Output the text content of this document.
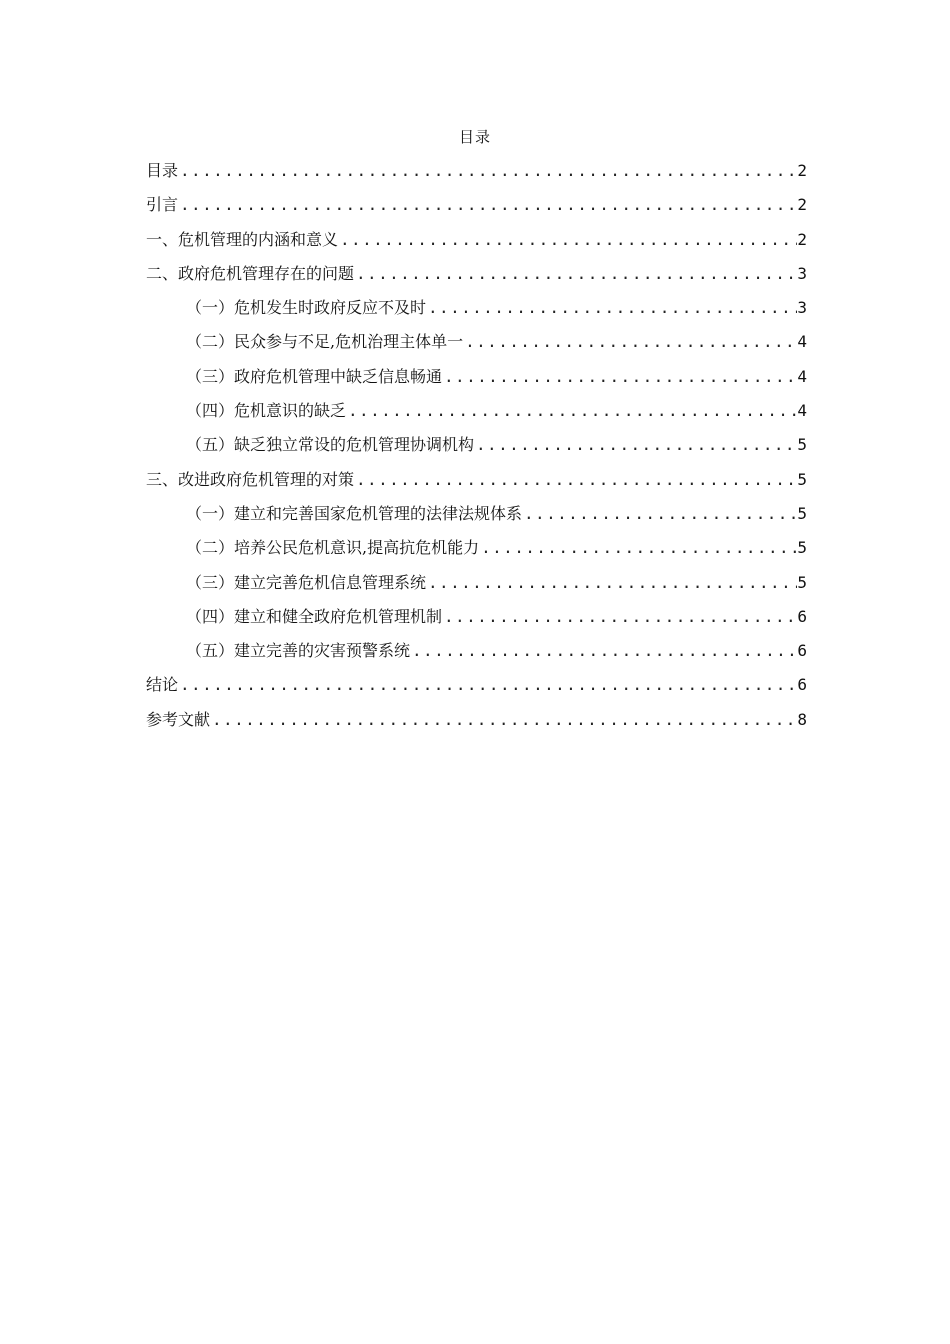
目录
目录 .....	2
引言 .....	2
一、危机管理的内涵和意义 .....	2
二、政府危机管理存在的问题 .....	3
（一）危机发生时政府反应不及时 .....	3
（二）民众参与不足,危机治理主体单一 .....	4
（三）政府危机管理中缺乏信息畅通 .....	4
（四）危机意识的缺乏 .....	4
（五）缺乏独立常设的危机管理协调机构 .....	5
三、改进政府危机管理的对策 .....	5
（一）建立和完善国家危机管理的法律法规体系 .....	5
（二）培养公民危机意识,提高抗危机能力 .....	5
（三）建立完善危机信息管理系统 .....	5
（四）建立和健全政府危机管理机制 .....	6
（五）建立完善的灾害预警系统 .....	6
结论 .....	6
参考文献 .....	8
